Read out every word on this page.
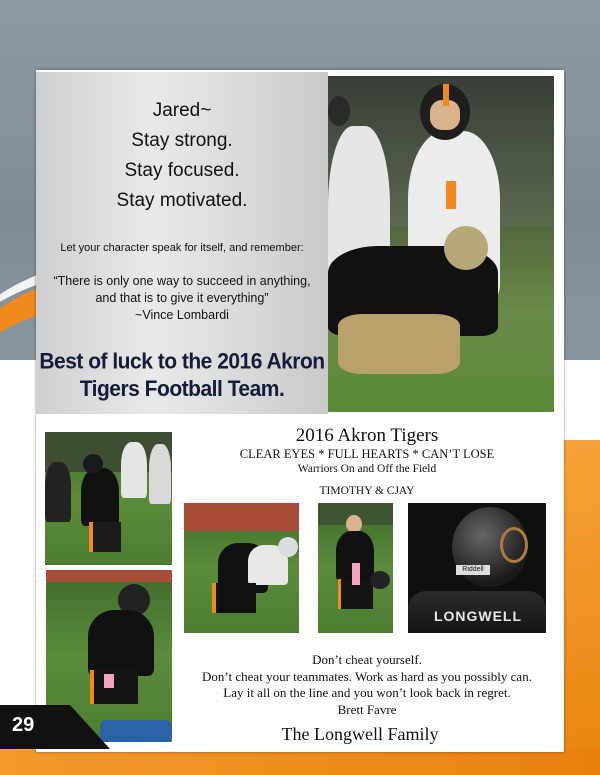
Jared~
Stay strong.
Stay focused.
Stay motivated.
Let your character speak for itself, and remember:
“There is only one way to succeed in anything,
and that is to give it everything”
~Vince Lombardi
Best of luck to the 2016 Akron
Tigers Football Team.
Riddell
LONGWELL
2016 Akron Tigers
CLEAR EYES * FULL HEARTS * CAN’T LOSE
Warriors On and Off the Field
TIMOTHY & CJAY
Don’t cheat yourself.
Don’t cheat your teammates. Work as hard as you possibly can.
Lay it all on the line and you won’t look back in regret.
Brett Favre
The Longwell Family
29
